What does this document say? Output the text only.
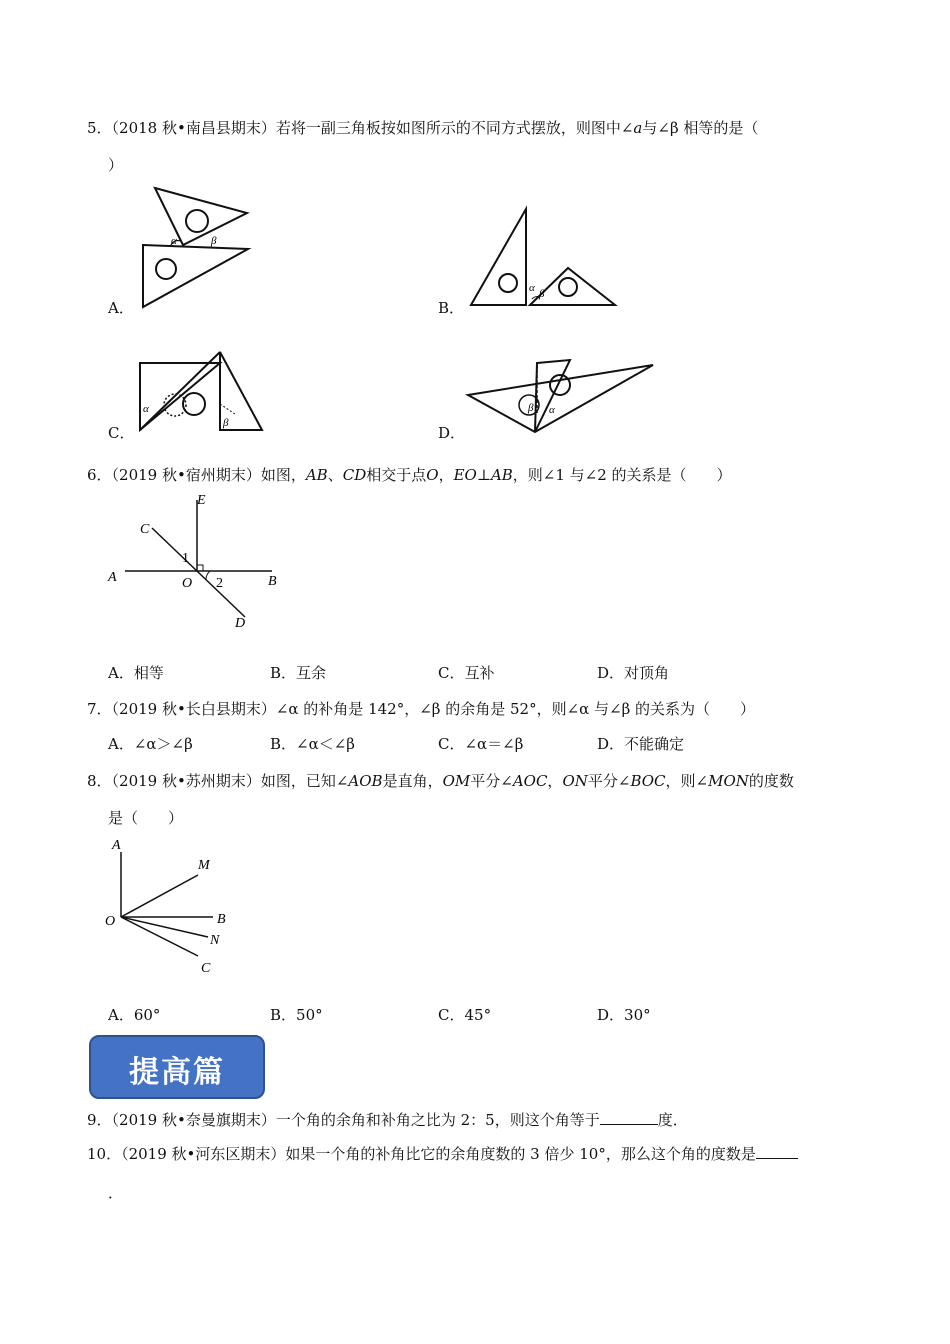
5．（2018 秋•南昌县期末）若将一副三角板按如图所示的不同方式摆放，则图中∠a与∠β 相等的是（
）
α	β
A．
α β
B．
α
β
C．
β α
D．
6．（2019 秋•宿州期末）如图，AB、CD相交于点O，EO⊥AB，则∠1 与∠2 的关系是（　　）
E
C
A	O	B
D
1
2
A．相等	B．互余	C．互补	D．对顶角
7．（2019 秋•长白县期末）∠α 的补角是 142°，∠β 的余角是 52°，则∠α 与∠β 的关系为（　　）
A．∠α＞∠β	B．∠α＜∠β	C．∠α＝∠β	D．不能确定
8．（2019 秋•苏州期末）如图，已知∠AOB是直角，OM平分∠AOC，ON平分∠BOC，则∠MON的度数
是（　　）
A
M
O	B
N
C
A．60°	B．50°	C．45°	D．30°
提高篇
9．（2019 秋•奈曼旗期末）一个角的余角和补角之比为 2：5，则这个角等于	度．
10．（2019 秋•河东区期末）如果一个角的补角比它的余角度数的 3 倍少 10°，那么这个角的度数是
．
